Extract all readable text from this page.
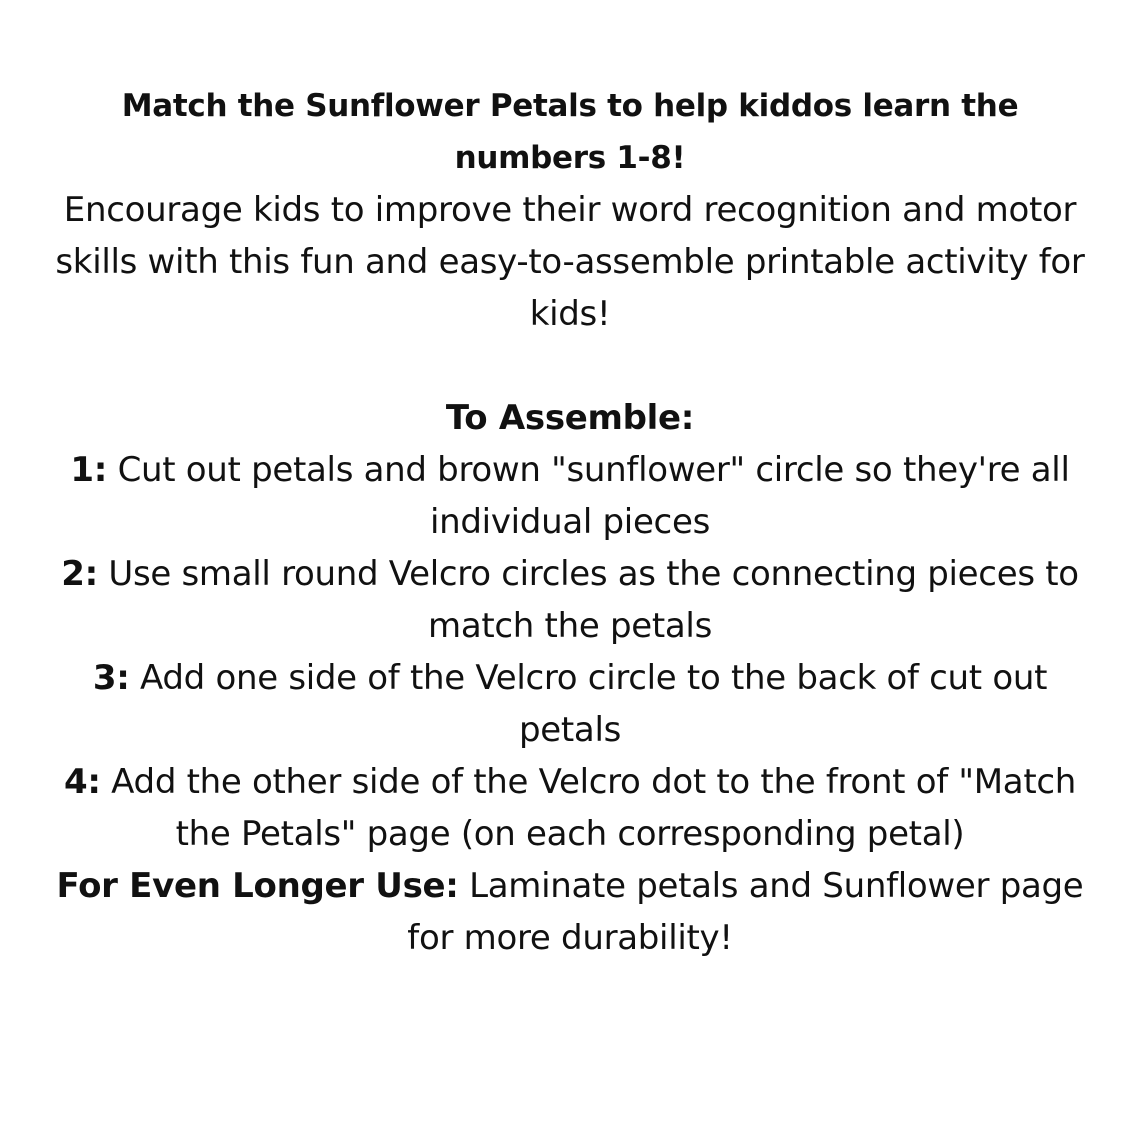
Match the Sunflower Petals to help kiddos learn the numbers 1-8!

Encourage kids to improve their word recognition and motor skills with this fun and easy-to-assemble printable activity for kids!

To Assemble:

1: Cut out petals and brown "sunflower" circle so they're all individual pieces

2: Use small round Velcro circles as the connecting pieces to match the petals

3: Add one side of the Velcro circle to the back of cut out petals

4: Add the other side of the Velcro dot to the front of "Match the Petals" page (on each corresponding petal)

For Even Longer Use: Laminate petals and Sunflower page for more durability!
